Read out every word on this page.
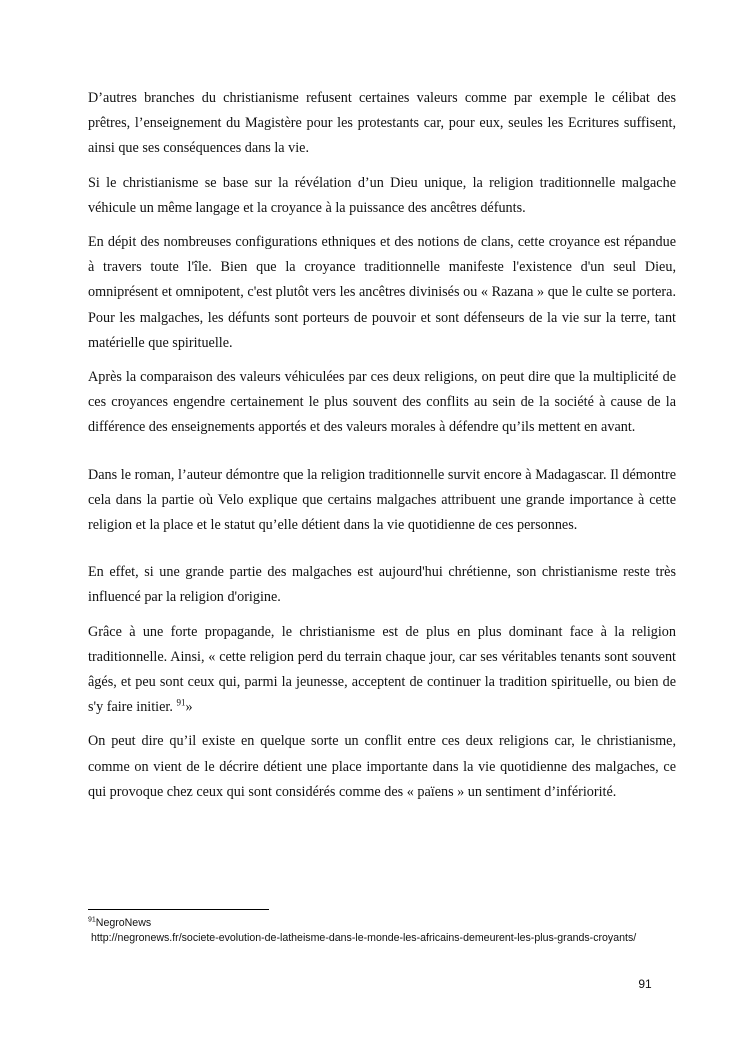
D’autres branches du christianisme refusent certaines valeurs comme par exemple le célibat des prêtres, l’enseignement du Magistère pour les protestants car, pour eux, seules les Ecritures suffisent, ainsi que ses conséquences dans la vie.

Si le christianisme se base sur la révélation d’un Dieu unique, la religion traditionnelle malgache véhicule un même langage et la croyance à la puissance des ancêtres défunts.

En dépit des nombreuses configurations ethniques et des notions de clans, cette croyance est répandue à travers toute l'île. Bien que la croyance traditionnelle manifeste l'existence d'un seul Dieu, omniprésent et omnipotent, c'est plutôt vers les ancêtres divinisés ou « Razana » que le culte se portera. Pour les malgaches, les défunts sont porteurs de pouvoir et sont défenseurs de la vie sur la terre, tant matérielle que spirituelle.

Après la comparaison des valeurs véhiculées par ces deux religions, on peut dire que la multiplicité de ces croyances engendre certainement le plus souvent des conflits au sein de la société à cause de la différence des enseignements apportés et des valeurs morales à défendre qu’ils mettent en avant.

Dans le roman, l’auteur démontre que la religion traditionnelle survit encore à Madagascar. Il démontre cela dans la partie où Velo explique que certains malgaches attribuent une grande importance à cette religion et la place et le statut qu’elle détient dans la vie quotidienne de ces personnes.

En effet, si une grande partie des malgaches est aujourd'hui chrétienne, son christianisme reste très influencé par la religion d'origine.

Grâce à une forte propagande, le christianisme est de plus en plus dominant face à la religion traditionnelle. Ainsi, « cette religion perd du terrain chaque jour, car ses véritables tenants sont souvent âgés, et peu sont ceux qui, parmi la jeunesse, acceptent de continuer la tradition spirituelle, ou bien de s'y faire initier. $^{91}$»

On peut dire qu’il existe en quelque sorte un conflit entre ces deux religions car, le christianisme, comme on vient de le décrire détient une place importante dans la vie quotidienne des malgaches, ce qui provoque chez ceux qui sont considérés comme des « païens » un sentiment d’infériorité.

$^{91}$NegroNews
http://negronews.fr/societe-evolution-de-latheisme-dans-le-monde-les-africains-demeurent-les-plus-grands-croyants/
91
